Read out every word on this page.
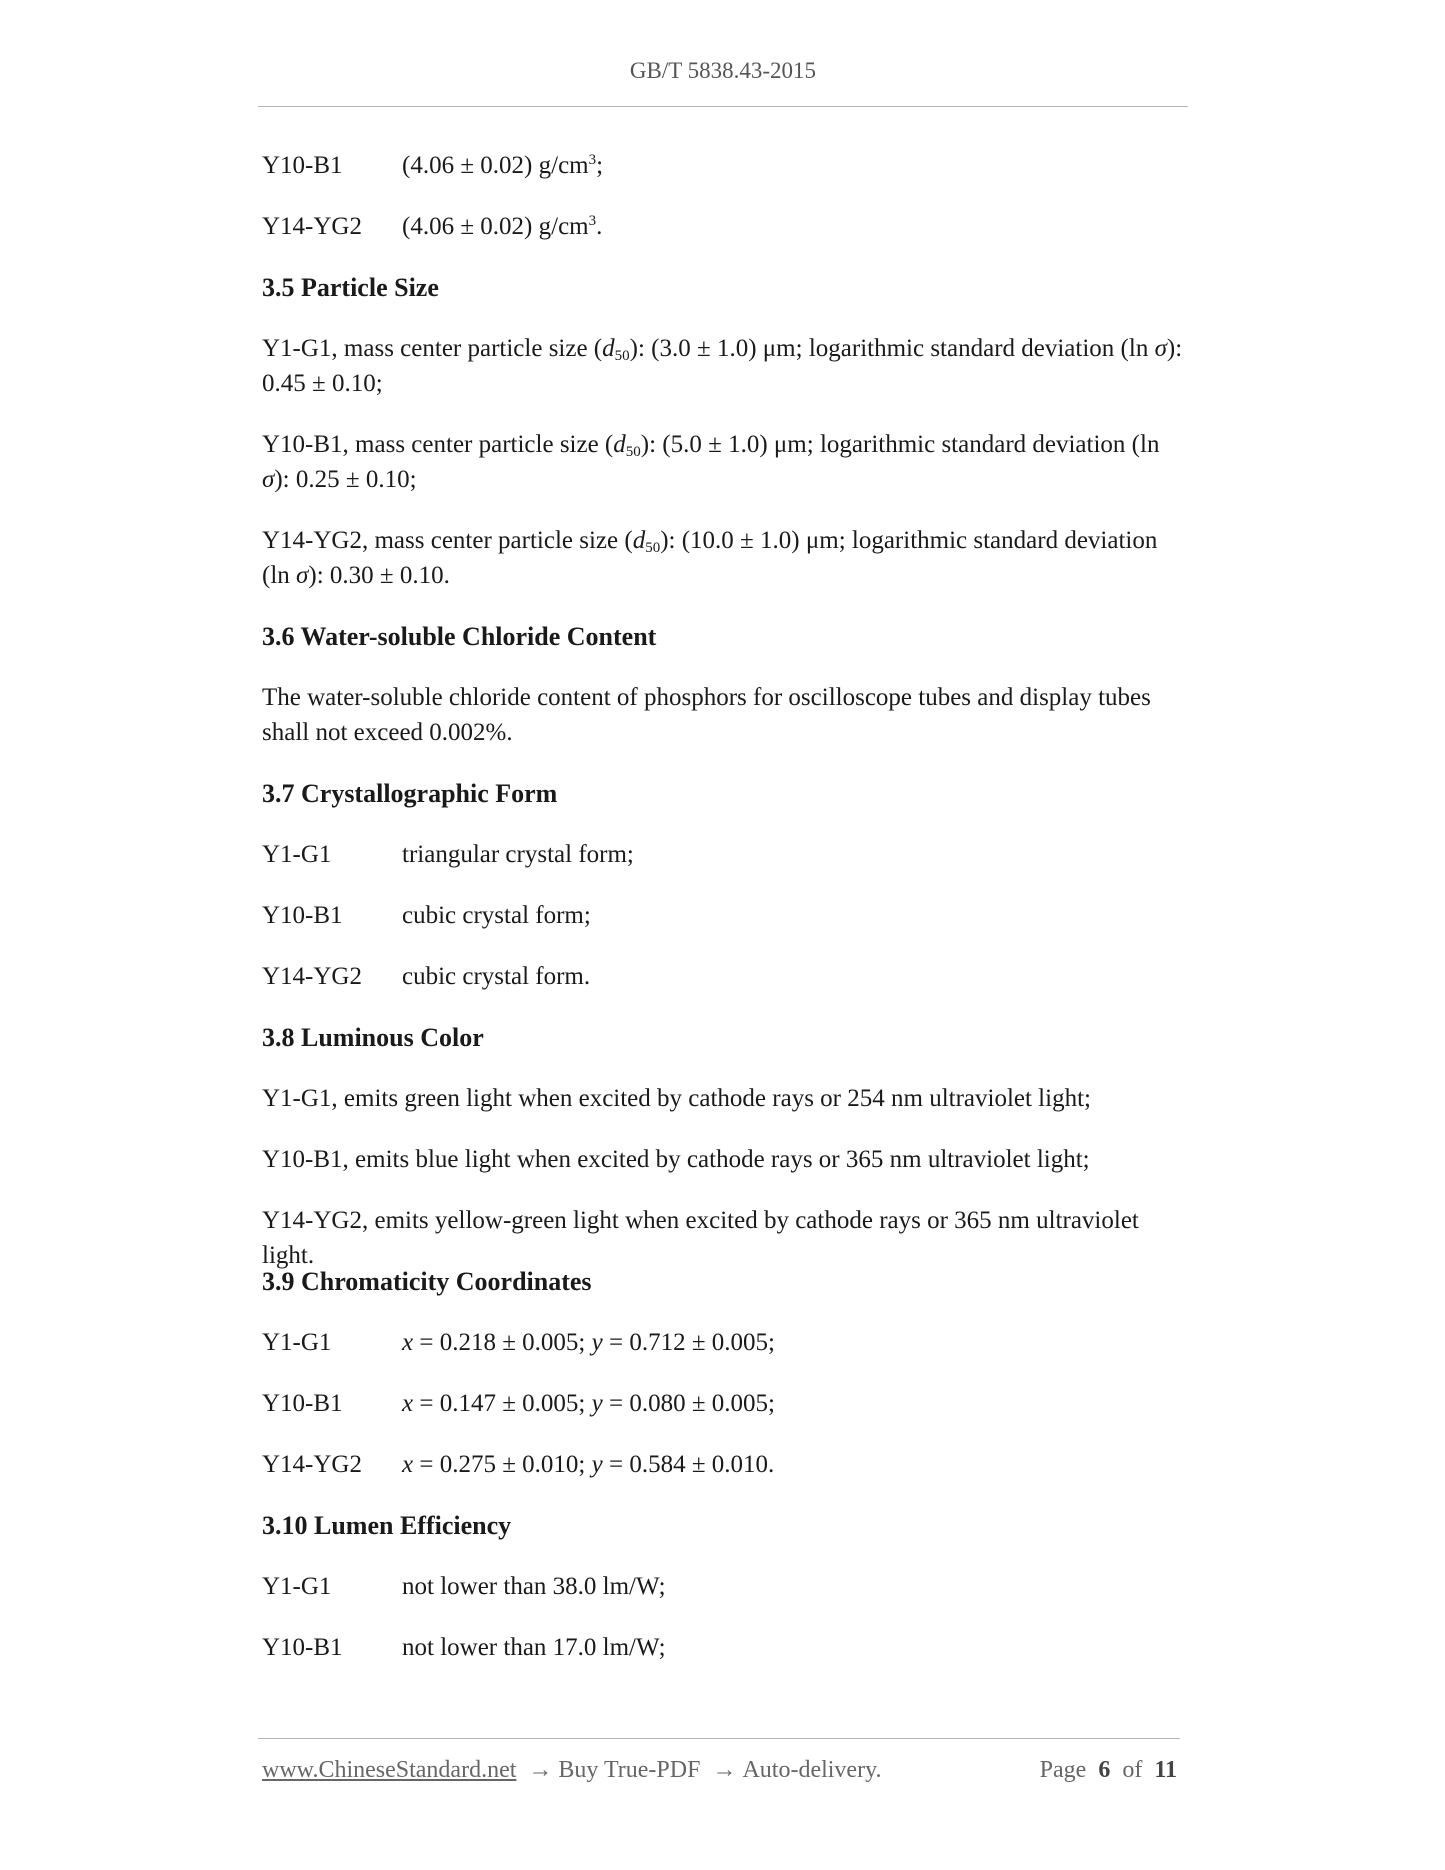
GB/T 5838.43-2015
Y10-B1	(4.06 ± 0.02) $g/cm^3$;
Y14-YG2	(4.06 ± 0.02) $g/cm^3$.
3.5 Particle Size
Y1-G1, mass center particle size $(d_{50})$: (3.0 ± 1.0) μm; logarithmic standard deviation (ln σ): 0.45 ± 0.10;
Y10-B1, mass center particle size $(d_{50})$: (5.0 ± 1.0) μm; logarithmic standard deviation (ln σ): 0.25 ± 0.10;
Y14-YG2, mass center particle size $(d_{50})$: (10.0 ± 1.0) μm; logarithmic standard deviation (ln σ): 0.30 ± 0.10.
3.6 Water-soluble Chloride Content
The water-soluble chloride content of phosphors for oscilloscope tubes and display tubes shall not exceed 0.002%.
3.7 Crystallographic Form
Y1-G1	triangular crystal form;
Y10-B1	cubic crystal form;
Y14-YG2	cubic crystal form.
3.8 Luminous Color
Y1-G1, emits green light when excited by cathode rays or 254 nm ultraviolet light;
Y10-B1, emits blue light when excited by cathode rays or 365 nm ultraviolet light;
Y14-YG2, emits yellow-green light when excited by cathode rays or 365 nm ultraviolet light.
3.9 Chromaticity Coordinates
Y1-G1	x = 0.218 ± 0.005; y = 0.712 ± 0.005;
Y10-B1	x = 0.147 ± 0.005; y = 0.080 ± 0.005;
Y14-YG2	x = 0.275 ± 0.010; y = 0.584 ± 0.010.
3.10 Lumen Efficiency
Y1-G1	not lower than 38.0 lm/W;
Y10-B1	not lower than 17.0 lm/W;
www.ChineseStandard.net → Buy True-PDF → Auto-delivery.	Page 6 of 11
